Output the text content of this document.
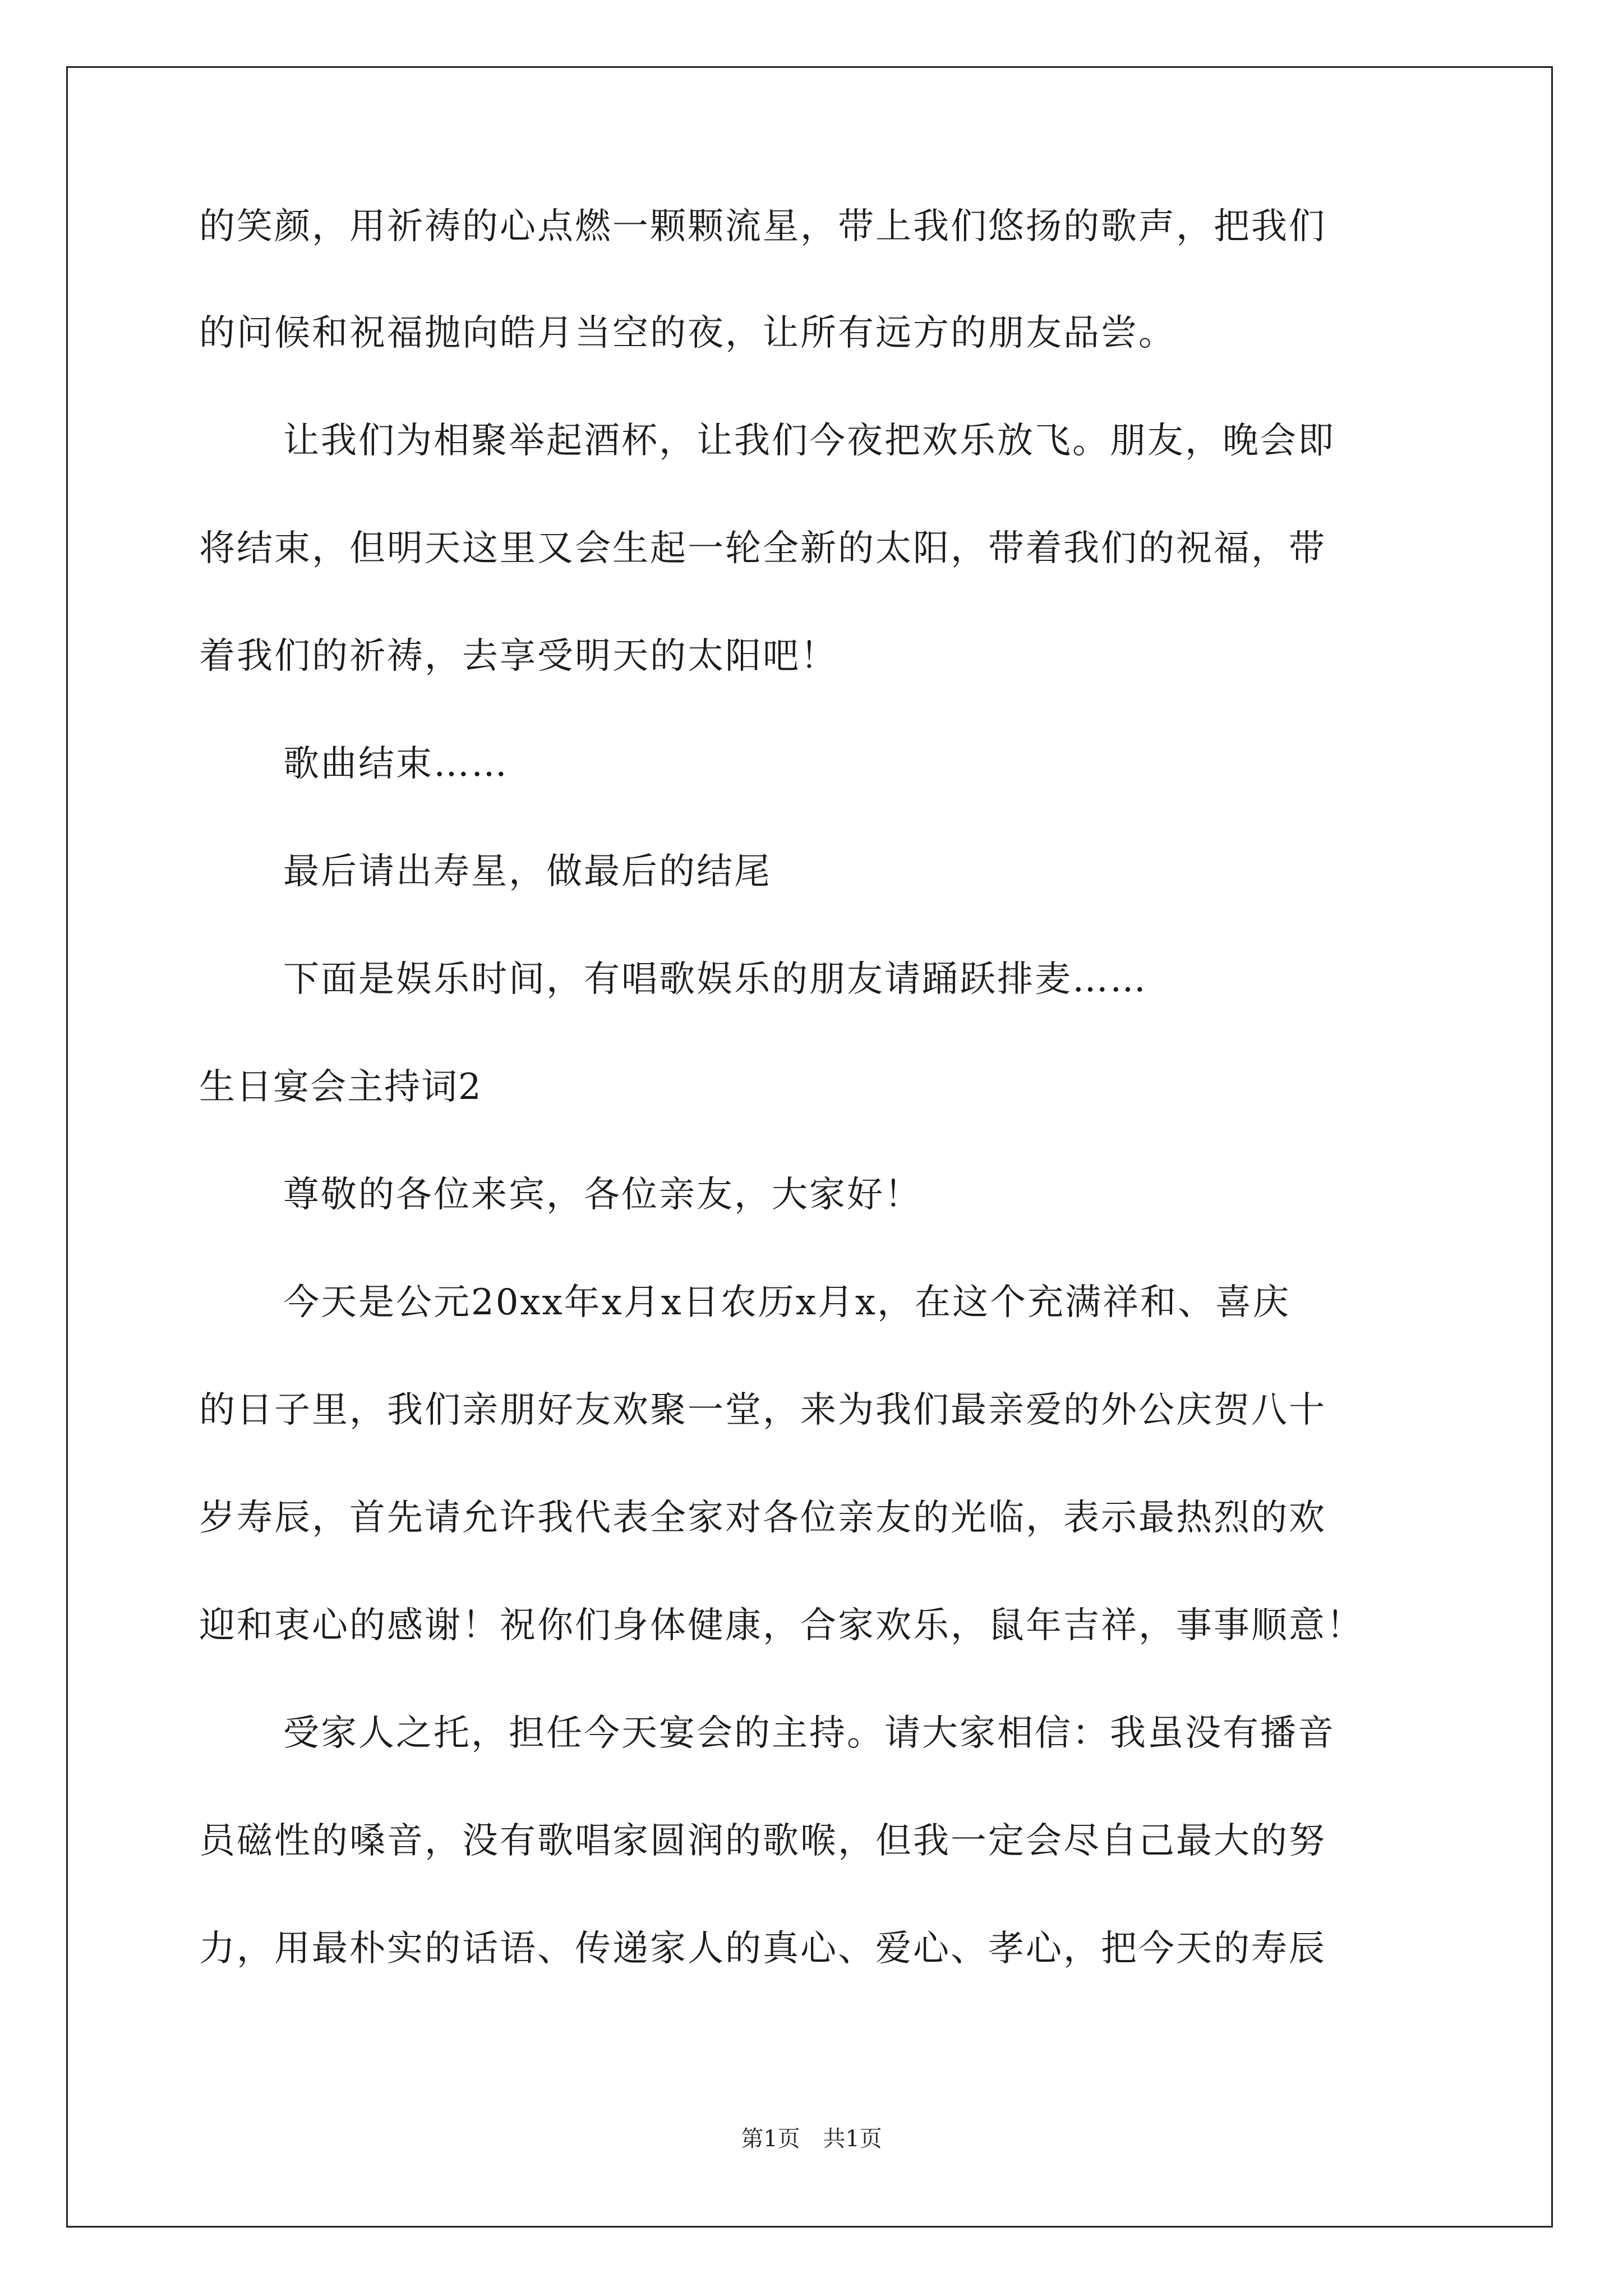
的笑颜，用祈祷的心点燃一颗颗流星，带上我们悠扬的歌声，把我们
的问候和祝福抛向皓月当空的夜，让所有远方的朋友品尝。
让我们为相聚举起酒杯，让我们今夜把欢乐放飞。朋友，晚会即
将结束，但明天这里又会生起一轮全新的太阳，带着我们的祝福，带
着我们的祈祷，去享受明天的太阳吧！
歌曲结束……
最后请出寿星，做最后的结尾
下面是娱乐时间，有唱歌娱乐的朋友请踊跃排麦……
生日宴会主持词2
尊敬的各位来宾，各位亲友，大家好！
今天是公元20xx年x月x日农历x月x，在这个充满祥和、喜庆
的日子里，我们亲朋好友欢聚一堂，来为我们最亲爱的外公庆贺八十
岁寿辰，首先请允许我代表全家对各位亲友的光临，表示最热烈的欢
迎和衷心的感谢！祝你们身体健康，合家欢乐，鼠年吉祥，事事顺意！
受家人之托，担任今天宴会的主持。请大家相信：我虽没有播音
员磁性的嗓音，没有歌唱家圆润的歌喉，但我一定会尽自己最大的努
力，用最朴实的话语、传递家人的真心、爱心、孝心，把今天的寿辰
第1页 共1页
